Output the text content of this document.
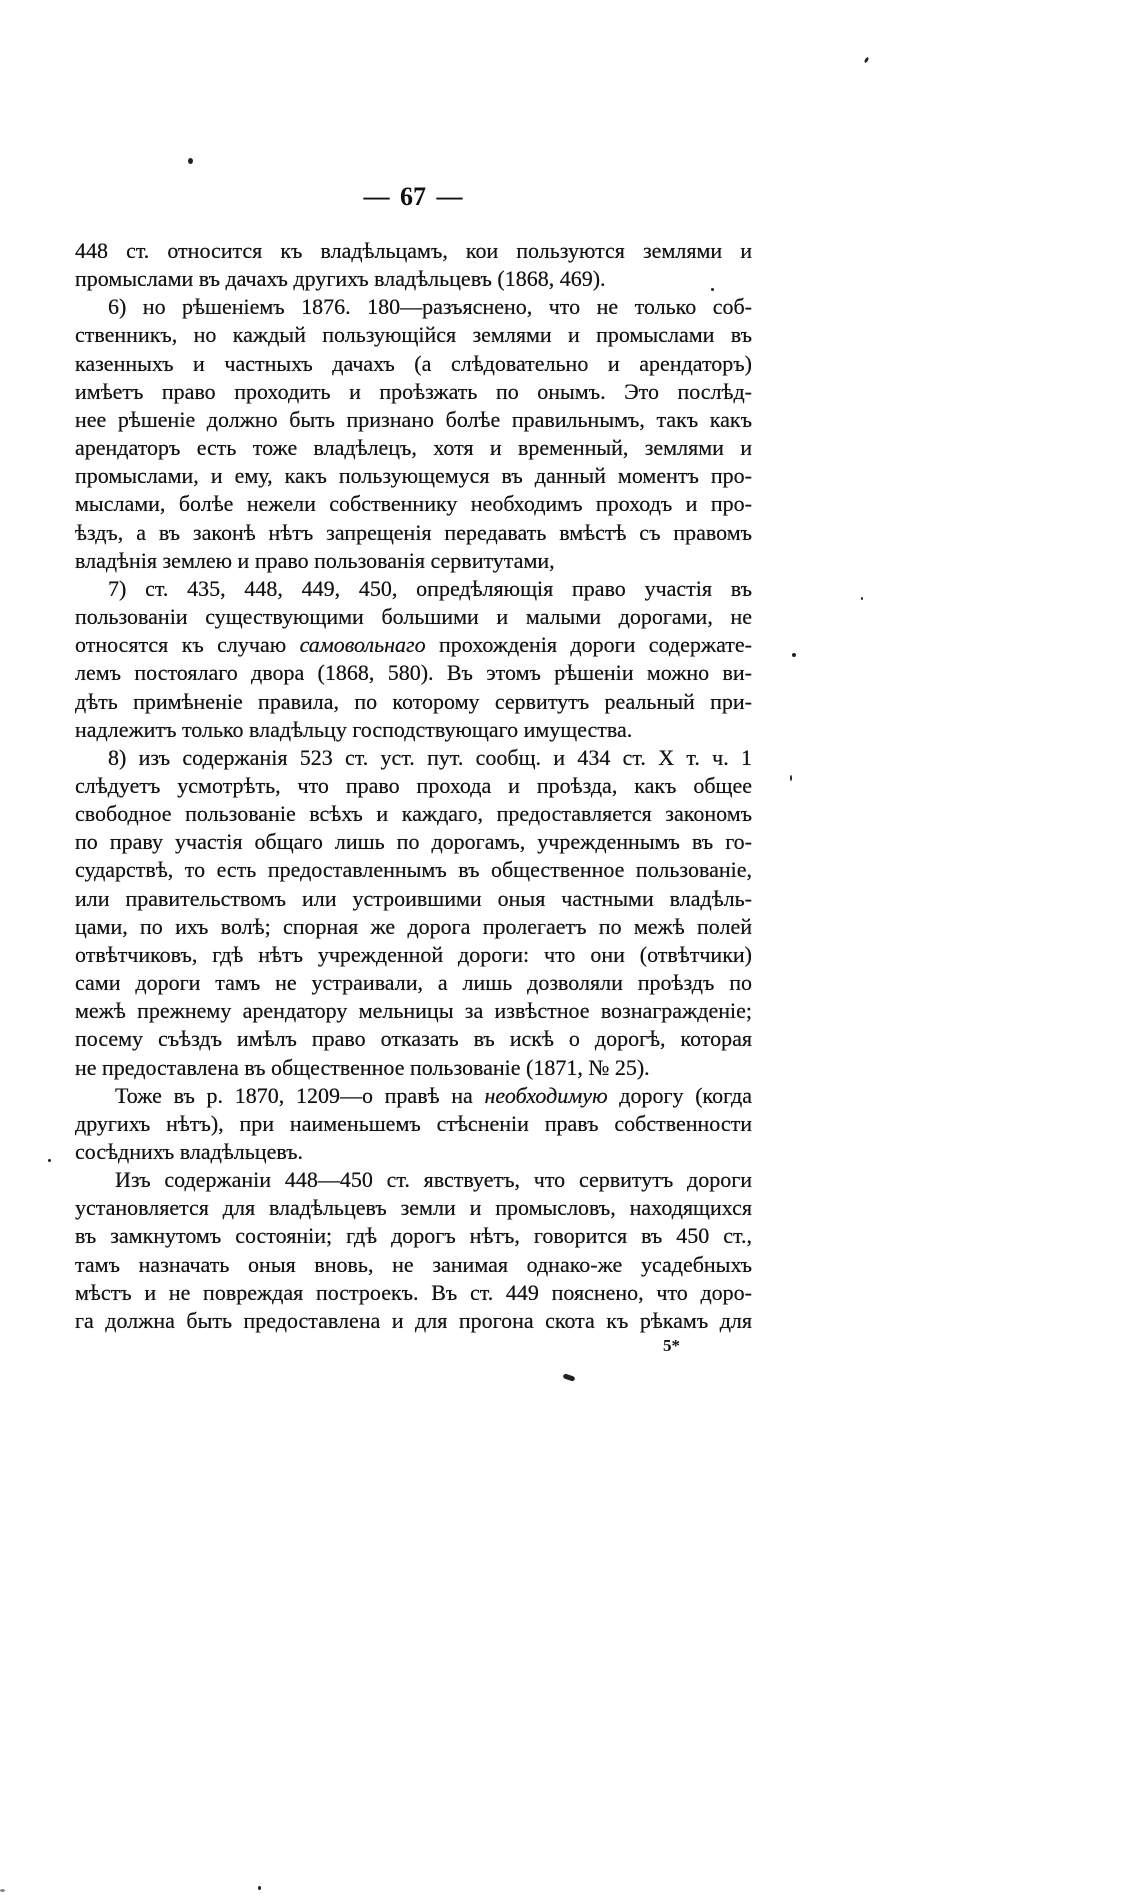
— 67 —
448 ст. относится къ владѣльцамъ, кои пользуются землями и
промыслами въ дачахъ другихъ владѣльцевъ (1868, 469).
6) но рѣшеніемъ 1876. 180—разъяснено, что не только соб-
ственникъ, но каждый пользующійся землями и промыслами въ
казенныхъ и частныхъ дачахъ (а слѣдовательно и арендаторъ)
имѣетъ право проходить и проѣзжать по онымъ. Это послѣд-
нее рѣшеніе должно быть признано болѣе правильнымъ, такъ какъ
арендаторъ есть тоже владѣлецъ, хотя и временный, землями и
промыслами, и ему, какъ пользующемуся въ данный моментъ про-
мыслами, болѣе нежели собственнику необходимъ проходъ и про-
ѣздъ, а въ законѣ нѣтъ запрещенія передавать вмѣстѣ съ правомъ
владѣнія землею и право пользованія сервитутами,
7) ст. 435, 448, 449, 450, опредѣляющія право участія въ
пользованіи существующими большими и малыми дорогами, не
относятся къ случаю самовольнаго прохожденія дороги содержате-
лемъ постоялаго двора (1868, 580). Въ этомъ рѣшеніи можно ви-
дѣть примѣненіе правила, по которому сервитутъ реальный при-
надлежитъ только владѣльцу господствующаго имущества.
8) изъ содержанія 523 ст. уст. пут. сообщ. и 434 ст. X т. ч. 1
слѣдуетъ усмотрѣть, что право прохода и проѣзда, какъ общее
свободное пользованіе всѣхъ и каждаго, предоставляется закономъ
по праву участія общаго лишь по дорогамъ, учрежденнымъ въ го-
сударствѣ, то есть предоставленнымъ въ общественное пользованіе,
или правительствомъ или устроившими оныя частными владѣль-
цами, по ихъ волѣ; спорная же дорога пролегаетъ по межѣ полей
отвѣтчиковъ, гдѣ нѣтъ учрежденной дороги: что они (отвѣтчики)
сами дороги тамъ не устраивали, а лишь дозволяли проѣздъ по
межѣ прежнему арендатору мельницы за извѣстное вознагражденіе;
посему съѣздъ имѣлъ право отказать въ искѣ о дорогѣ, которая
не предоставлена въ общественное пользованіе (1871, № 25).
Тоже въ р. 1870, 1209—о правѣ на необходимую дорогу (когда
другихъ нѣтъ), при наименьшемъ стѣсненіи правъ собственности
сосѣднихъ владѣльцевъ.
Изъ содержаніи 448—450 ст. явствуетъ, что сервитутъ дороги
установляется для владѣльцевъ земли и промысловъ, находящихся
въ замкнутомъ состояніи; гдѣ дорогъ нѣтъ, говорится въ 450 ст.,
тамъ назначать оныя вновь, не занимая однако-же усадебныхъ
мѣстъ и не повреждая построекъ. Въ ст. 449 пояснено, что доро-
га должна быть предоставлена и для прогона скота къ рѣкамъ для
5*
